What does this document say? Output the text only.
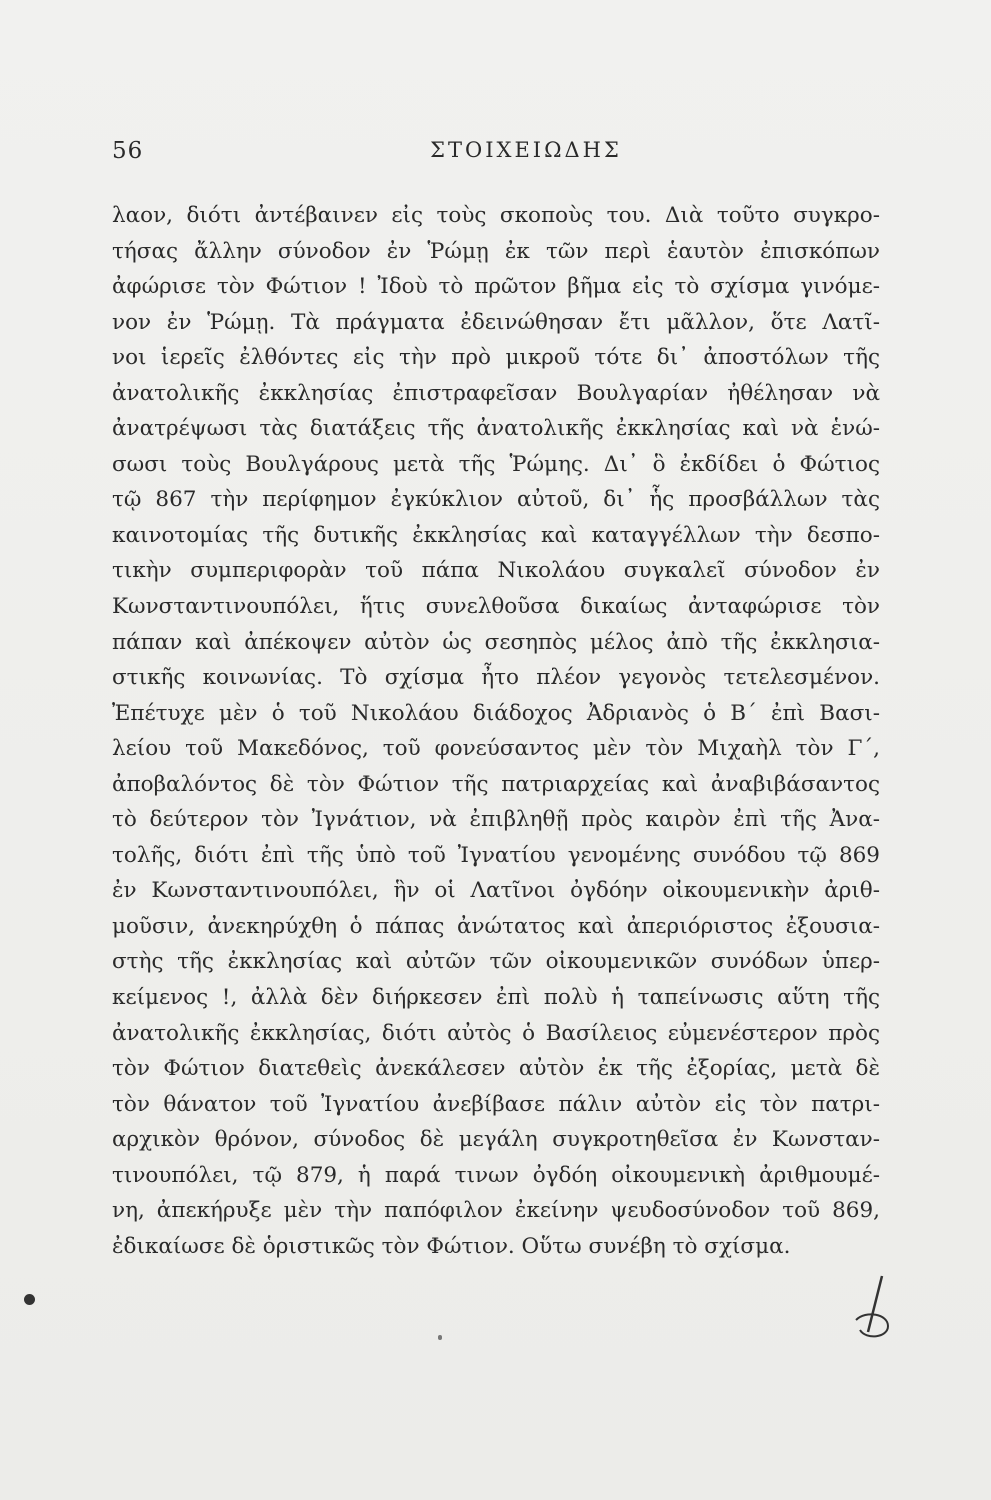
56	ΣΤΟΙΧΕΙΩΔΗΣ
λαον, διότι ἀντέβαινεν εἰς τοὺς σκοποὺς του. Διὰ τοῦτο συγκρο-
τήσας ἄλλην σύνοδον ἐν Ῥώμῃ ἐκ τῶν περὶ ἑαυτὸν ἐπισκόπων
ἀφώρισε τὸν Φώτιον ! Ἰδοὺ τὸ πρῶτον βῆμα εἰς τὸ σχίσμα γινόμε-
νον ἐν Ῥώμῃ. Τὰ πράγματα ἐδεινώθησαν ἔτι μᾶλλον, ὅτε Λατῖ-
νοι ἱερεῖς ἐλθόντες εἰς τὴν πρὸ μικροῦ τότε δι᾽ ἀποστόλων τῆς
ἀνατολικῆς ἐκκλησίας ἐπιστραφεῖσαν Βουλγαρίαν ἠθέλησαν νὰ
ἀνατρέψωσι τὰς διατάξεις τῆς ἀνατολικῆς ἐκκλησίας καὶ νὰ ἑνώ-
σωσι τοὺς Βουλγάρους μετὰ τῆς Ῥώμης. Δι᾽ ὃ ἐκδίδει ὁ Φώτιος
τῷ 867 τὴν περίφημον ἐγκύκλιον αὐτοῦ, δι᾽ ἧς προσβάλλων τὰς
καινοτομίας τῆς δυτικῆς ἐκκλησίας καὶ καταγγέλλων τὴν δεσπο-
τικὴν συμπεριφορὰν τοῦ πάπα Νικολάου συγκαλεῖ σύνοδον ἐν
Κωνσταντινουπόλει, ἥτις συνελθοῦσα δικαίως ἀνταφώρισε τὸν
πάπαν καὶ ἀπέκοψεν αὐτὸν ὡς σεσηπὸς μέλος ἀπὸ τῆς ἐκκλησια-
στικῆς κοινωνίας. Τὸ σχίσμα ἦτο πλέον γεγονὸς τετελεσμένον.
Ἐπέτυχε μὲν ὁ τοῦ Νικολάου διάδοχος Ἀδριανὸς ὁ Β΄ ἐπὶ Βασι-
λείου τοῦ Μακεδόνος, τοῦ φονεύσαντος μὲν τὸν Μιχαὴλ τὸν Γ΄,
ἀποβαλόντος δὲ τὸν Φώτιον τῆς πατριαρχείας καὶ ἀναβιβάσαντος
τὸ δεύτερον τὸν Ἰγνάτιον, νὰ ἐπιβληθῇ πρὸς καιρὸν ἐπὶ τῆς Ἀνα-
τολῆς, διότι ἐπὶ τῆς ὑπὸ τοῦ Ἰγνατίου γενομένης συνόδου τῷ 869
ἐν Κωνσταντινουπόλει, ἣν οἱ Λατῖνοι ὀγδόην οἰκουμενικὴν ἀριθ-
μοῦσιν, ἀνεκηρύχθη ὁ πάπας ἀνώτατος καὶ ἀπεριόριστος ἐξουσια-
στὴς τῆς ἐκκλησίας καὶ αὐτῶν τῶν οἰκουμενικῶν συνόδων ὑπερ-
κείμενος !, ἀλλὰ δὲν διήρκεσεν ἐπὶ πολὺ ἡ ταπείνωσις αὕτη τῆς
ἀνατολικῆς ἐκκλησίας, διότι αὐτὸς ὁ Βασίλειος εὐμενέστερον πρὸς
τὸν Φώτιον διατεθεὶς ἀνεκάλεσεν αὐτὸν ἐκ τῆς ἐξορίας, μετὰ δὲ
τὸν θάνατον τοῦ Ἰγνατίου ἀνεβίβασε πάλιν αὐτὸν εἰς τὸν πατρι-
αρχικὸν θρόνον, σύνοδος δὲ μεγάλη συγκροτηθεῖσα ἐν Κωνσταν-
τινουπόλει, τῷ 879, ἡ παρά τινων ὀγδόη οἰκουμενικὴ ἀριθμουμέ-
νη, ἀπεκήρυξε μὲν τὴν παπόφιλον ἐκείνην ψευδοσύνοδον τοῦ 869,
ἐδικαίωσε δὲ ὁριστικῶς τὸν Φώτιον. Οὕτω συνέβη τὸ σχίσμα.
